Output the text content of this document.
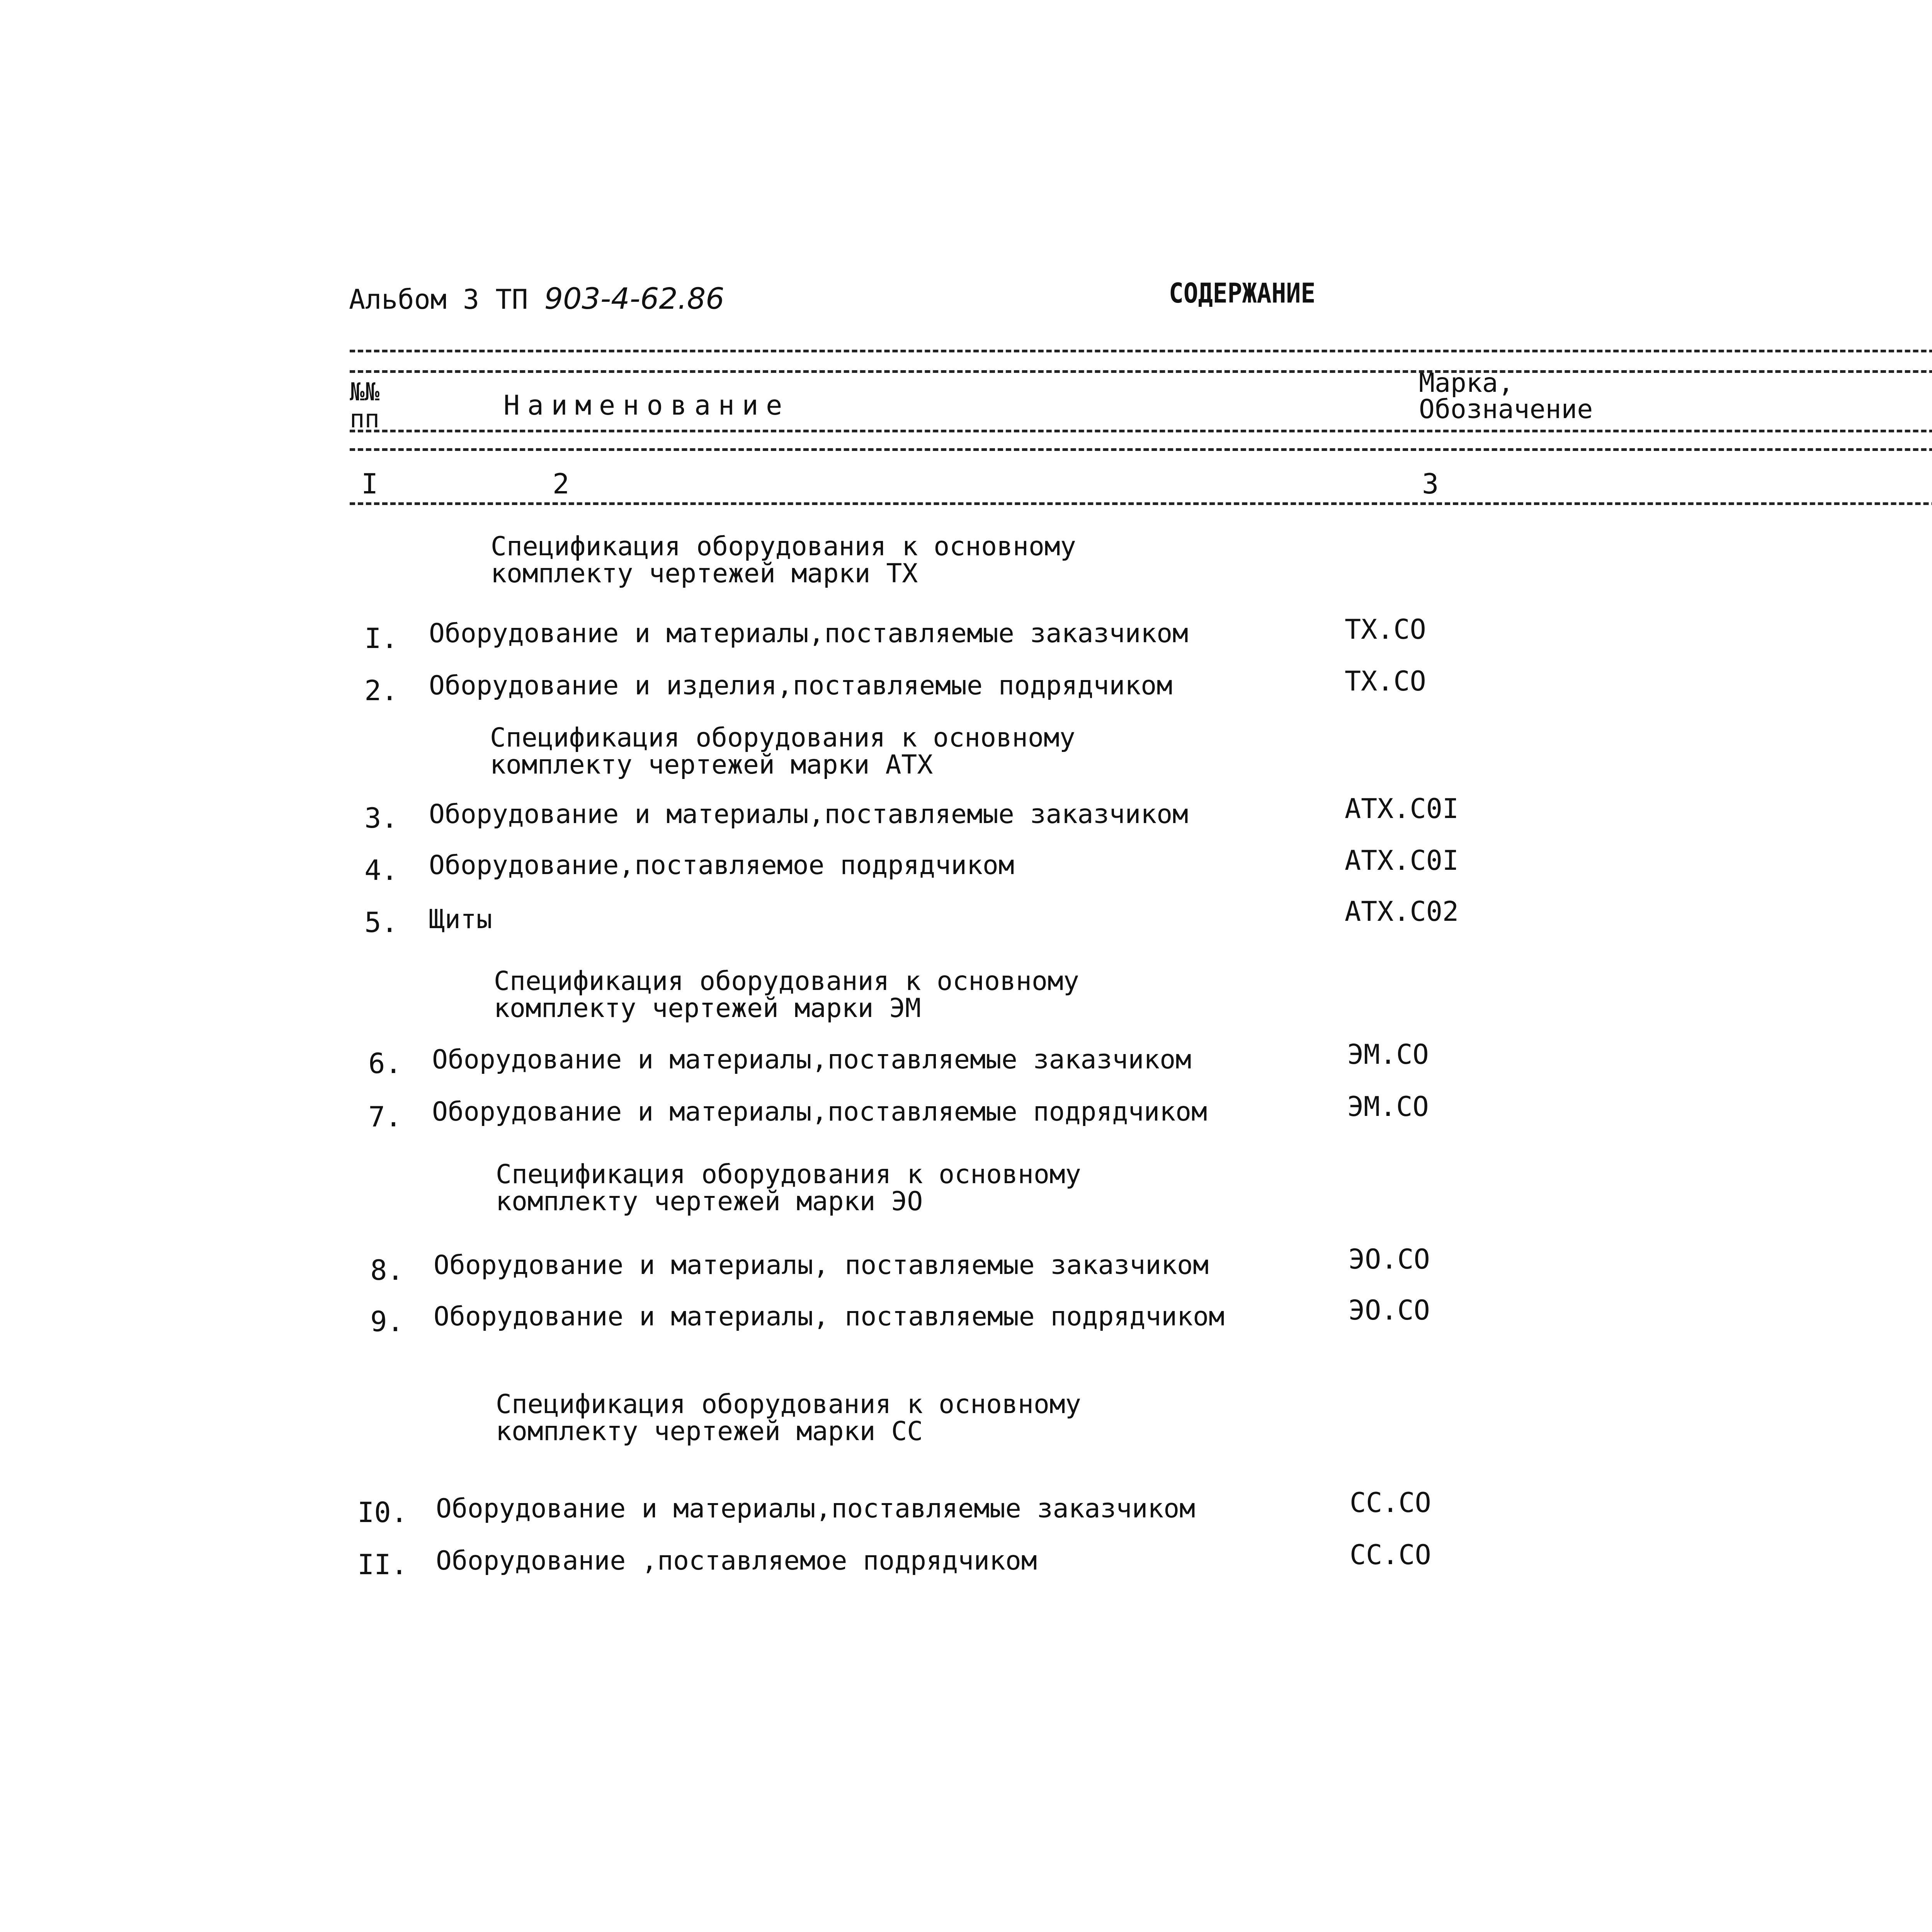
Альбом 3 ТП 903-4-62.86	СОДЕРЖАНИЕ
№№
пп	Наименование
Марка,
Обозначение
I	2	3
Спецификация оборудования к основному
комплекту чертежей марки ТХ
I. Оборудование и материалы,поставляемые заказчиком	ТХ.СО
2. Оборудование и изделия,поставляемые подрядчиком	ТХ.СО
Спецификация оборудования к основному
комплекту чертежей марки АТХ
3. Оборудование и материалы,поставляемые заказчиком	АТХ.С0I
4. Оборудование,поставляемое подрядчиком	АТХ.С0I
5. Щиты	АТХ.С02
Спецификация оборудования к основному
комплекту чертежей марки ЭМ
6. Оборудование и материалы,поставляемые заказчиком	ЭМ.СО
7. Оборудование и материалы,поставляемые подрядчиком	ЭМ.СО
Спецификация оборудования к основному
комплекту чертежей марки ЭО
8. Оборудование и материалы, поставляемые заказчиком	ЭО.СО
9. Оборудование и материалы, поставляемые подрядчиком	ЭО.СО
Спецификация оборудования к основному
комплекту чертежей марки СС
I0. Оборудование и материалы,поставляемые заказчиком	СС.СО
II. Оборудование ,поставляемое подрядчиком	СС.СО
